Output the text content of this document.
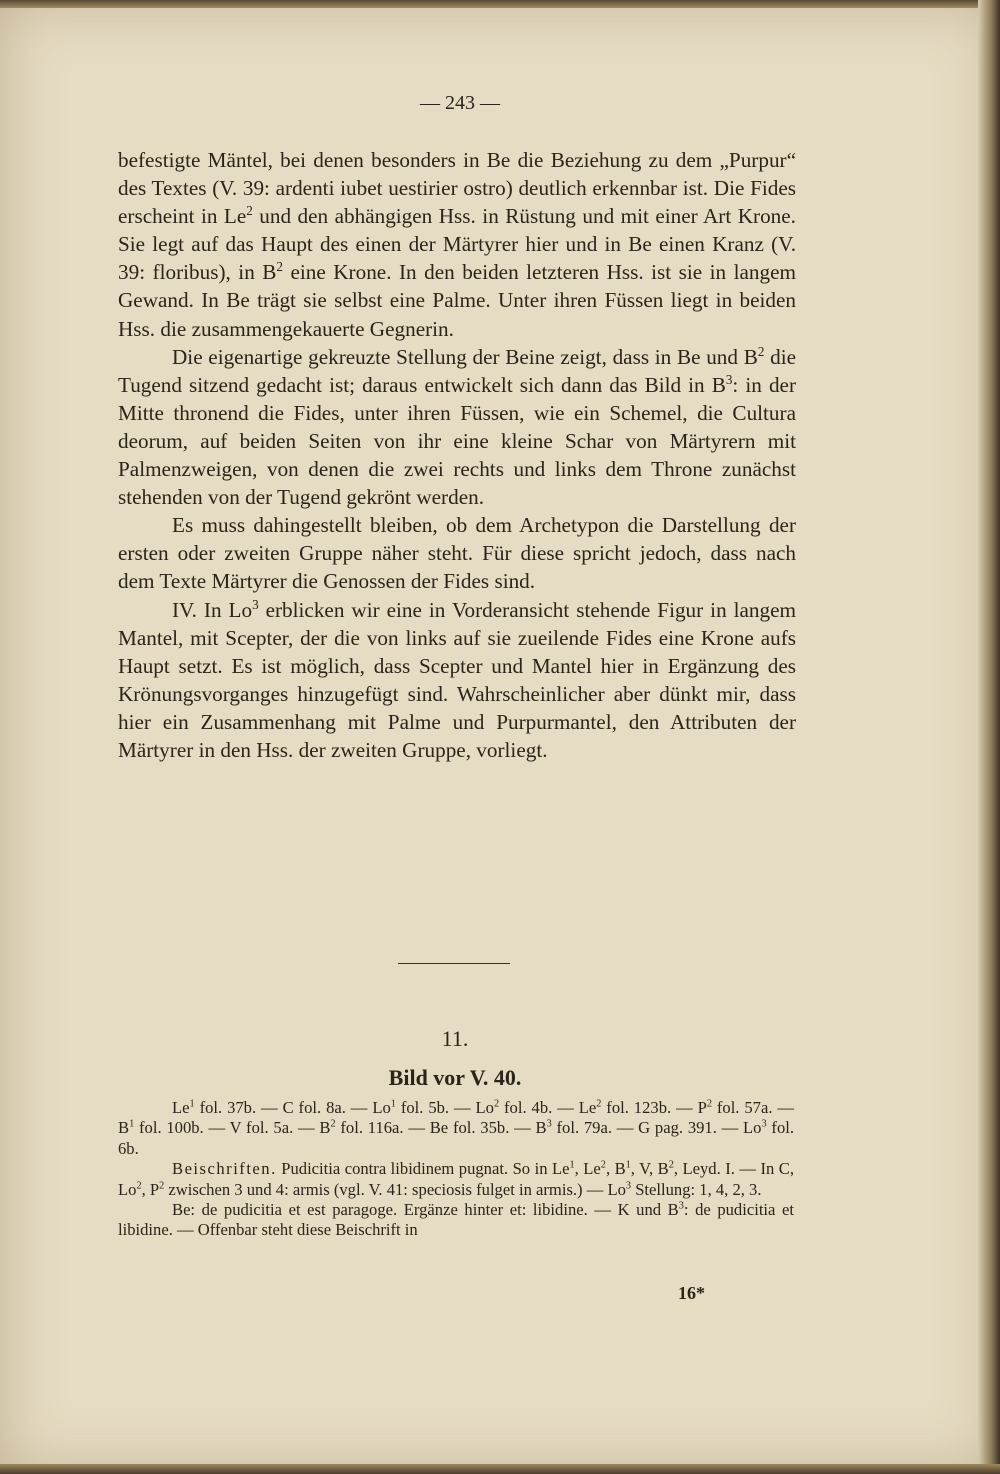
— 243 —

befestigte Mäntel, bei denen besonders in Be die Beziehung zu dem „Purpur“ des Textes (V. 39: ardenti iubet uestirier ostro) deutlich erkennbar ist. Die Fides erscheint in Le$^2$ und den abhängigen Hss. in Rüstung und mit einer Art Krone. Sie legt auf das Haupt des einen der Märtyrer hier und in Be einen Kranz (V. 39: floribus), in $B^2$ eine Krone. In den beiden letzteren Hss. ist sie in langem Gewand. In Be trägt sie selbst eine Palme. Unter ihren Füssen liegt in beiden Hss. die zusammengekauerte Gegnerin.

Die eigenartige gekreuzte Stellung der Beine zeigt, dass in Be und $B^2$ die Tugend sitzend gedacht ist; daraus entwickelt sich dann das Bild in $B^3$: in der Mitte thronend die Fides, unter ihren Füssen, wie ein Schemel, die Cultura deorum, auf beiden Seiten von ihr eine kleine Schar von Märtyrern mit Palmenzweigen, von denen die zwei rechts und links dem Throne zunächst stehenden von der Tugend gekrönt werden.

Es muss dahingestellt bleiben, ob dem Archetypon die Darstellung der ersten oder zweiten Gruppe näher steht. Für diese spricht jedoch, dass nach dem Texte Märtyrer die Genossen der Fides sind.

IV. In Lo$^3$ erblicken wir eine in Vorderansicht stehende Figur in langem Mantel, mit Scepter, der die von links auf sie zueilende Fides eine Krone aufs Haupt setzt. Es ist möglich, dass Scepter und Mantel hier in Ergänzung des Krönungsvorganges hinzugefügt sind. Wahrscheinlicher aber dünkt mir, dass hier ein Zusammenhang mit Palme und Purpurmantel, den Attributen der Märtyrer in den Hss. der zweiten Gruppe, vorliegt.

11.
Bild vor V. 40.

Le$^1$ fol. 37b. — C fol. 8a. — Lo$^1$ fol. 5b. — Lo$^2$ fol. 4b. — Le$^2$ fol. 123b. — $P^2$ fol. 57a. — $B^1$ fol. 100b. — V fol. 5a. — $B^2$ fol. 116a. — Be fol. 35b. — $B^3$ fol. 79a. — G pag. 391. — Lo$^3$ fol. 6b.

Beischriften. Pudicitia contra libidinem pugnat. So in Le$^1$, Le$^2$, $B^1$, V, $B^2$, Leyd. I. — In C, Lo$^2$, $P^2$ zwischen 3 und 4: armis (vgl. V. 41: speciosis fulget in armis.) — Lo$^3$ Stellung: 1, 4, 2, 3.

Be: de pudicitia et est paragoge. Ergänze hinter et: libidine. — K und $B^3$: de pudicitia et libidine. — Offenbar steht diese Beischrift in

16*
